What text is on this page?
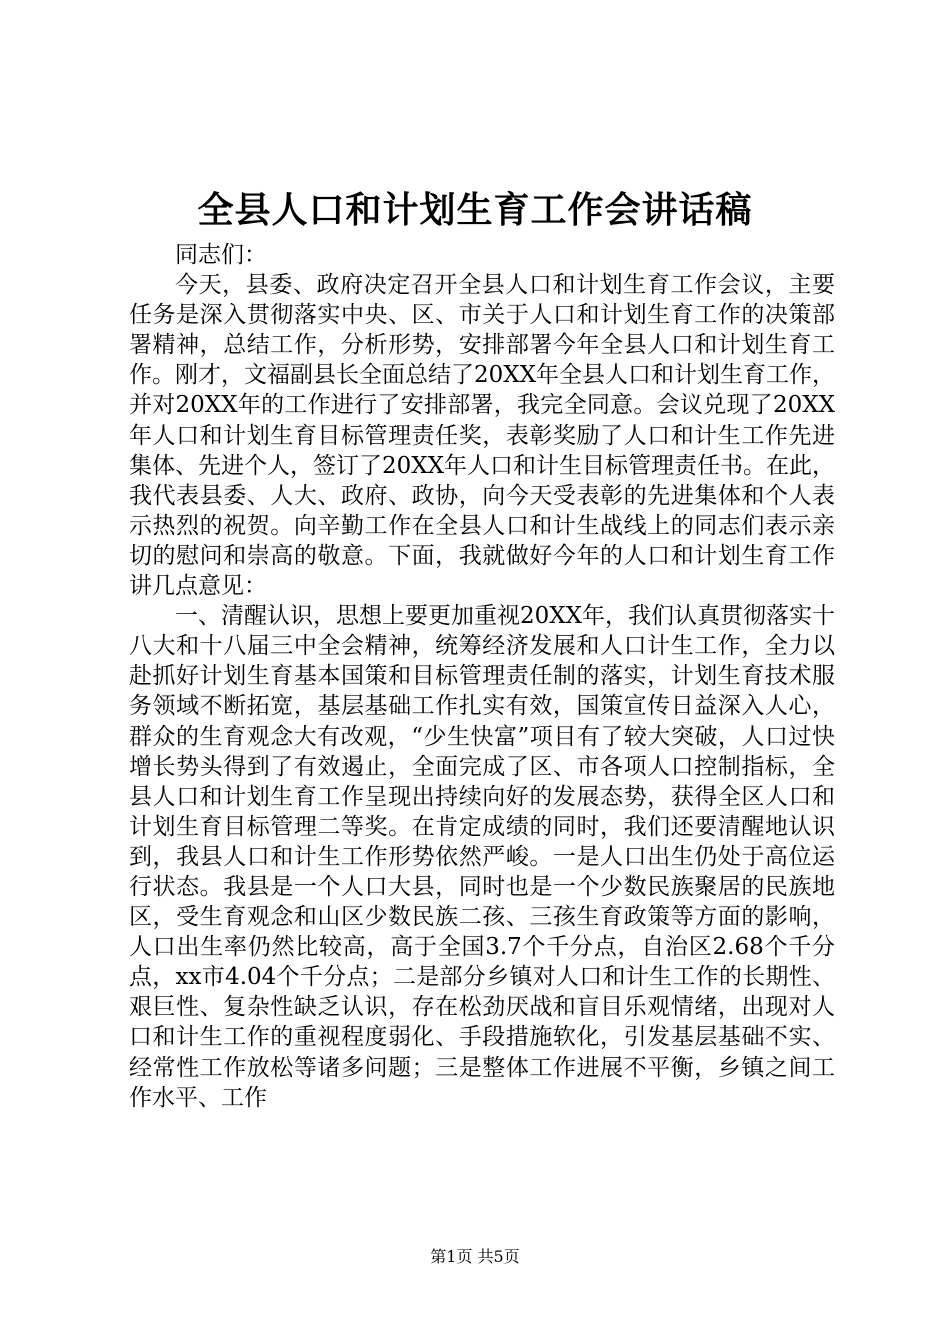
全县人口和计划生育工作会讲话稿

同志们：

今天，县委、政府决定召开全县人口和计划生育工作会议，主要任务是深入贯彻落实中央、区、市关于人口和计划生育工作的决策部署精神，总结工作，分析形势，安排部署今年全县人口和计划生育工作。刚才，文福副县长全面总结了20XX年全县人口和计划生育工作，并对20XX年的工作进行了安排部署，我完全同意。会议兑现了20XX年人口和计划生育目标管理责任奖，表彰奖励了人口和计生工作先进集体、先进个人，签订了20XX年人口和计生目标管理责任书。在此，我代表县委、人大、政府、政协，向今天受表彰的先进集体和个人表示热烈的祝贺。向辛勤工作在全县人口和计生战线上的同志们表示亲切的慰问和崇高的敬意。下面，我就做好今年的人口和计划生育工作讲几点意见：

一、清醒认识，思想上要更加重视20XX年，我们认真贯彻落实十八大和十八届三中全会精神，统筹经济发展和人口计生工作，全力以赴抓好计划生育基本国策和目标管理责任制的落实，计划生育技术服务领域不断拓宽，基层基础工作扎实有效，国策宣传日益深入人心，群众的生育观念大有改观，“少生快富”项目有了较大突破，人口过快增长势头得到了有效遏止，全面完成了区、市各项人口控制指标，全县人口和计划生育工作呈现出持续向好的发展态势，获得全区人口和计划生育目标管理二等奖。在肯定成绩的同时，我们还要清醒地认识到，我县人口和计生工作形势依然严峻。一是人口出生仍处于高位运行状态。我县是一个人口大县，同时也是一个少数民族聚居的民族地区，受生育观念和山区少数民族二孩、三孩生育政策等方面的影响，人口出生率仍然比较高，高于全国3.7个千分点，自治区2.68个千分点，xx市4.04个千分点；二是部分乡镇对人口和计生工作的长期性、艰巨性、复杂性缺乏认识，存在松劲厌战和盲目乐观情绪，出现对人口和计生工作的重视程度弱化、手段措施软化，引发基层基础不实、经常性工作放松等诸多问题；三是整体工作进展不平衡，乡镇之间工作水平、工作

第1页 共5页
